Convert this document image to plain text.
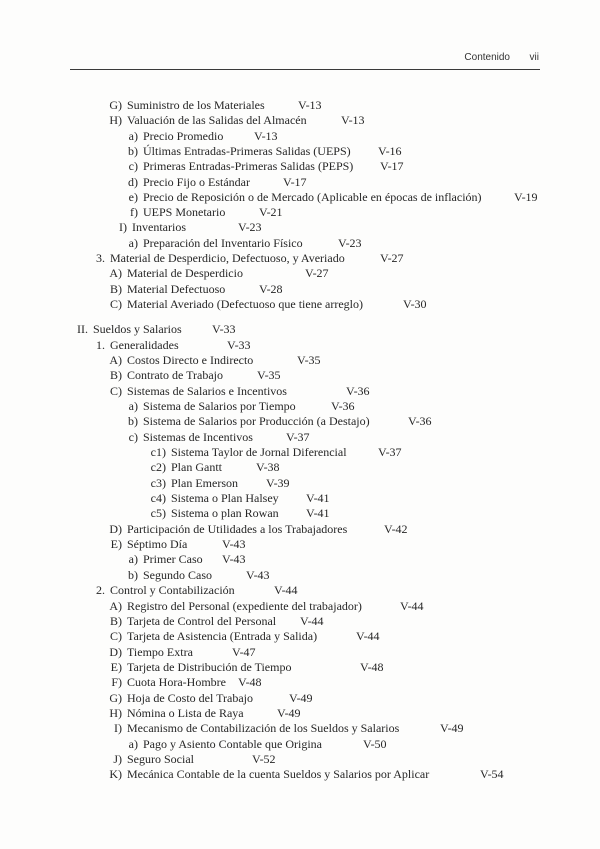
Contenido vii
G) Suministro de los Materiales	V-13
H) Valuación de las Salidas del Almacén	V-13
a) Precio Promedio	V-13
b) Últimas Entradas-Primeras Salidas (UEPS) V-16
c) Primeras Entradas-Primeras Salidas (PEPS) V-17
d) Precio Fijo o Estándar	V-17
e) Precio de Reposición o de Mercado (Aplicable en épocas de inflación)	V-19
f) UEPS Monetario	V-21
I) Inventarios	V-23
a) Preparación del Inventario Físico	V-23
3. Material de Desperdicio, Defectuoso, y Averiado	V-27
A) Material de Desperdicio	V-27
B) Material Defectuoso	V-28
C) Material Averiado (Defectuoso que tiene arreglo)	V-30
II. Sueldos y Salarios	V-33
1. Generalidades	V-33
A) Costos Directo e Indirecto	V-35
B) Contrato de Trabajo	V-35
C) Sistemas de Salarios e Incentivos	V-36
a) Sistema de Salarios por Tiempo	V-36
b) Sistema de Salarios por Producción (a Destajo)	V-36
c) Sistemas de Incentivos	V-37
c1) Sistema Taylor de Jornal Diferencial	V-37
c2) Plan Gantt	V-38
c3) Plan Emerson V-39
c4) Sistema o Plan Halsey V-41
c5) Sistema o plan Rowan V-41
D) Participación de Utilidades a los Trabajadores	V-42
E) Séptimo Día	V-43
a) Primer Caso V-43
b) Segundo Caso	V-43
2. Control y Contabilización	V-44
A) Registro del Personal (expediente del trabajador)	V-44
B) Tarjeta de Control del Personal V-44
C) Tarjeta de Asistencia (Entrada y Salida)	V-44
D) Tiempo Extra	V-47
E) Tarjeta de Distribución de Tiempo	V-48
F) Cuota Hora-Hombre V-48
G) Hoja de Costo del Trabajo	V-49
H) Nómina o Lista de Raya	V-49
I) Mecanismo de Contabilización de los Sueldos y Salarios	V-49
a) Pago y Asiento Contable que Origina	V-50
J) Seguro Social	V-52
K) Mecánica Contable de la cuenta Sueldos y Salarios por Aplicar	V-54
